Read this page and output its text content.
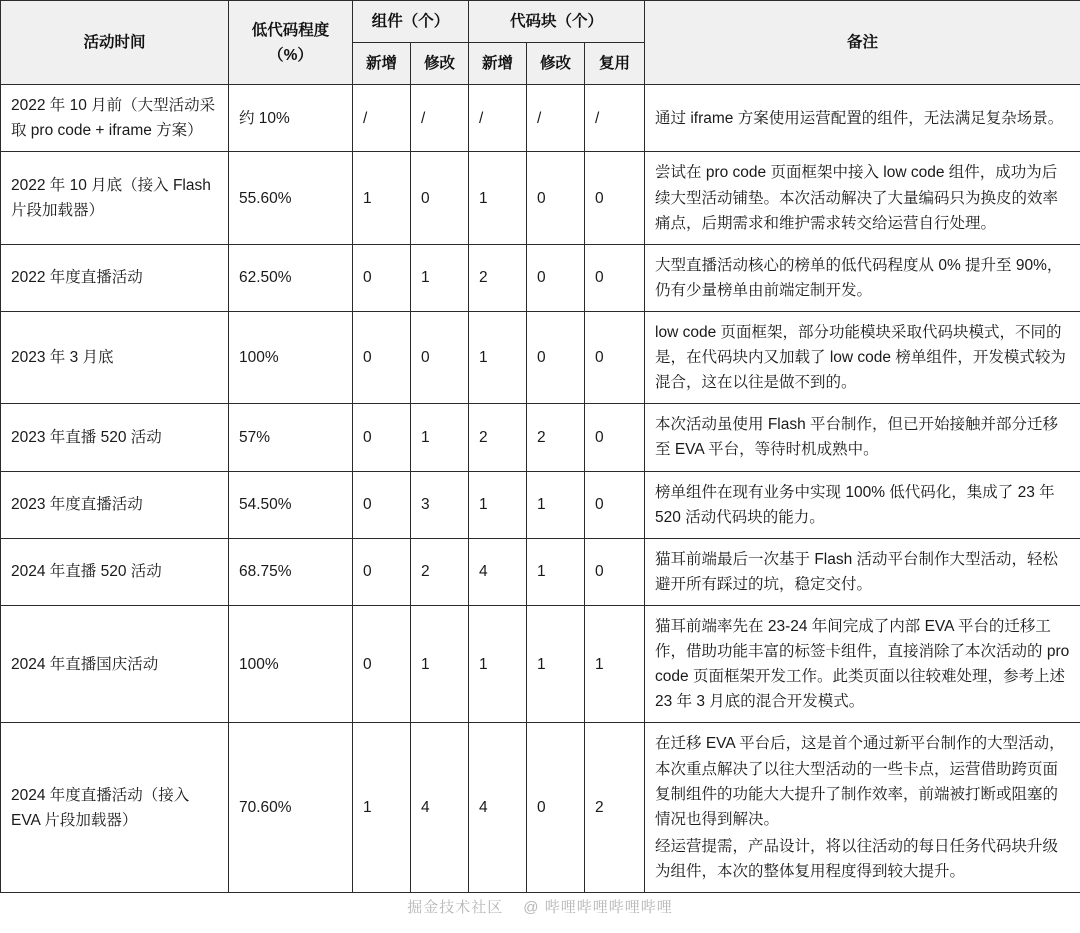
活动时间	低代码程度（%）	组件（个）		代码块（个）			备注
		新增	修改	新增	修改	复用	
2022 年 10 月前（大型活动采取 pro code + iframe 方案）	约 10%	/	/	/	/	/	通过 iframe 方案使用运营配置的组件，无法满足复杂场景。

2022 年 10 月底（接入 Flash 片段加载器）	55.60%	1	0	1	0	0	尝试在 pro code 页面框架中接入 low code 组件，成功为后续大型活动铺垫。本次活动解决了大量编码只为换皮的效率痛点，后期需求和维护需求转交给运营自行处理。

2022 年度直播活动	62.50%	0	1	2	0	0	大型直播活动核心的榜单的低代码程度从 0% 提升至 90%，仍有少量榜单由前端定制开发。

2023 年 3 月底	100%	0	0	1	0	0	low code 页面框架，部分功能模块采取代码块模式，不同的是，在代码块内又加载了 low code 榜单组件，开发模式较为混合，这在以往是做不到的。

2023 年直播 520 活动	57%	0	1	2	2	0	本次活动虽使用 Flash 平台制作，但已开始接触并部分迁移至 EVA 平台，等待时机成熟中。

2023 年度直播活动	54.50%	0	3	1	1	0	榜单组件在现有业务中实现 100% 低代码化，集成了 23 年 520 活动代码块的能力。

2024 年直播 520 活动	68.75%	0	2	4	1	0	猫耳前端最后一次基于 Flash 活动平台制作大型活动，轻松避开所有踩过的坑，稳定交付。

2024 年直播国庆活动	100%	0	1	1	1	1	猫耳前端率先在 23-24 年间完成了内部 EVA 平台的迁移工作，借助功能丰富的标签卡组件，直接消除了本次活动的 pro code 页面框架开发工作。此类页面以往较难处理，参考上述 23 年 3 月底的混合开发模式。

2024 年度直播活动（接入 EVA 片段加载器）	70.60%	1	4	4	0	2	在迁移 EVA 平台后，这是首个通过新平台制作的大型活动，本次重点解决了以往大型活动的一些卡点，运营借助跨页面复制组件的功能大大提升了制作效率，前端被打断或阻塞的情况也得到解决。

经运营提需，产品设计，将以往活动的每日任务代码块升级为组件，本次的整体复用程度得到较大提升。

掘金技术社区 @ 哔哩哔哩哔哩哔哩
